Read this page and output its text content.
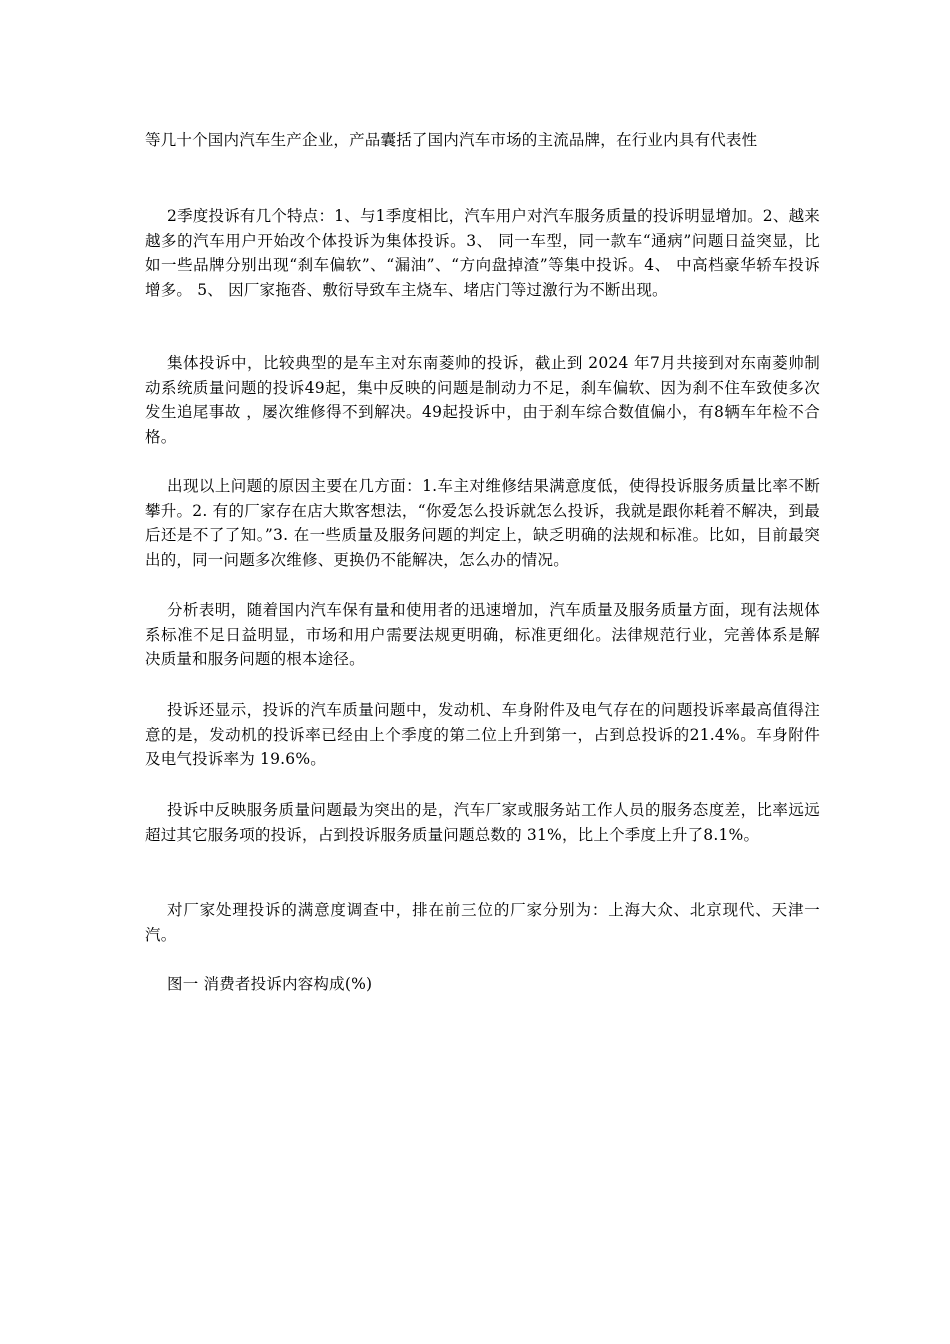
等几十个国内汽车生产企业，产品囊括了国内汽车市场的主流品牌，在行业内具有代表性

2季度投诉有几个特点：1、与1季度相比，汽车用户对汽车服务质量的投诉明显增加。2、越来越多的汽车用户开始改个体投诉为集体投诉。3、 同一车型，同一款车“通病”问题日益突显，比如一些品牌分别出现“刹车偏软”、“漏油”、“方向盘掉渣”等集中投诉。4、 中高档豪华轿车投诉增多。 5、 因厂家拖沓、敷衍导致车主烧车、堵店门等过激行为不断出现。

集体投诉中，比较典型的是车主对东南菱帅的投诉，截止到 2024 年7月共接到对东南菱帅制动系统质量问题的投诉49起，集中反映的问题是制动力不足，刹车偏软、因为刹不住车致使多次发生追尾事故 ，屡次维修得不到解决。49起投诉中，由于刹车综合数值偏小，有8辆车年检不合格。

出现以上问题的原因主要在几方面：1.车主对维修结果满意度低，使得投诉服务质量比率不断攀升。2. 有的厂家存在店大欺客想法，“你爱怎么投诉就怎么投诉，我就是跟你耗着不解决，到最后还是不了了知。”3. 在一些质量及服务问题的判定上，缺乏明确的法规和标准。比如，目前最突出的，同一问题多次维修、更换仍不能解决，怎么办的情况。

分析表明，随着国内汽车保有量和使用者的迅速增加，汽车质量及服务质量方面，现有法规体系标准不足日益明显，市场和用户需要法规更明确，标准更细化。法律规范行业，完善体系是解决质量和服务问题的根本途径。

投诉还显示，投诉的汽车质量问题中，发动机、车身附件及电气存在的问题投诉率最高值得注意的是，发动机的投诉率已经由上个季度的第二位上升到第一，占到总投诉的21.4%。车身附件及电气投诉率为 19.6%。

投诉中反映服务质量问题最为突出的是，汽车厂家或服务站工作人员的服务态度差，比率远远超过其它服务项的投诉，占到投诉服务质量问题总数的 31%，比上个季度上升了8.1%。

对厂家处理投诉的满意度调查中，排在前三位的厂家分别为：上海大众、北京现代、天津一汽。

图一 消费者投诉内容构成(%)
